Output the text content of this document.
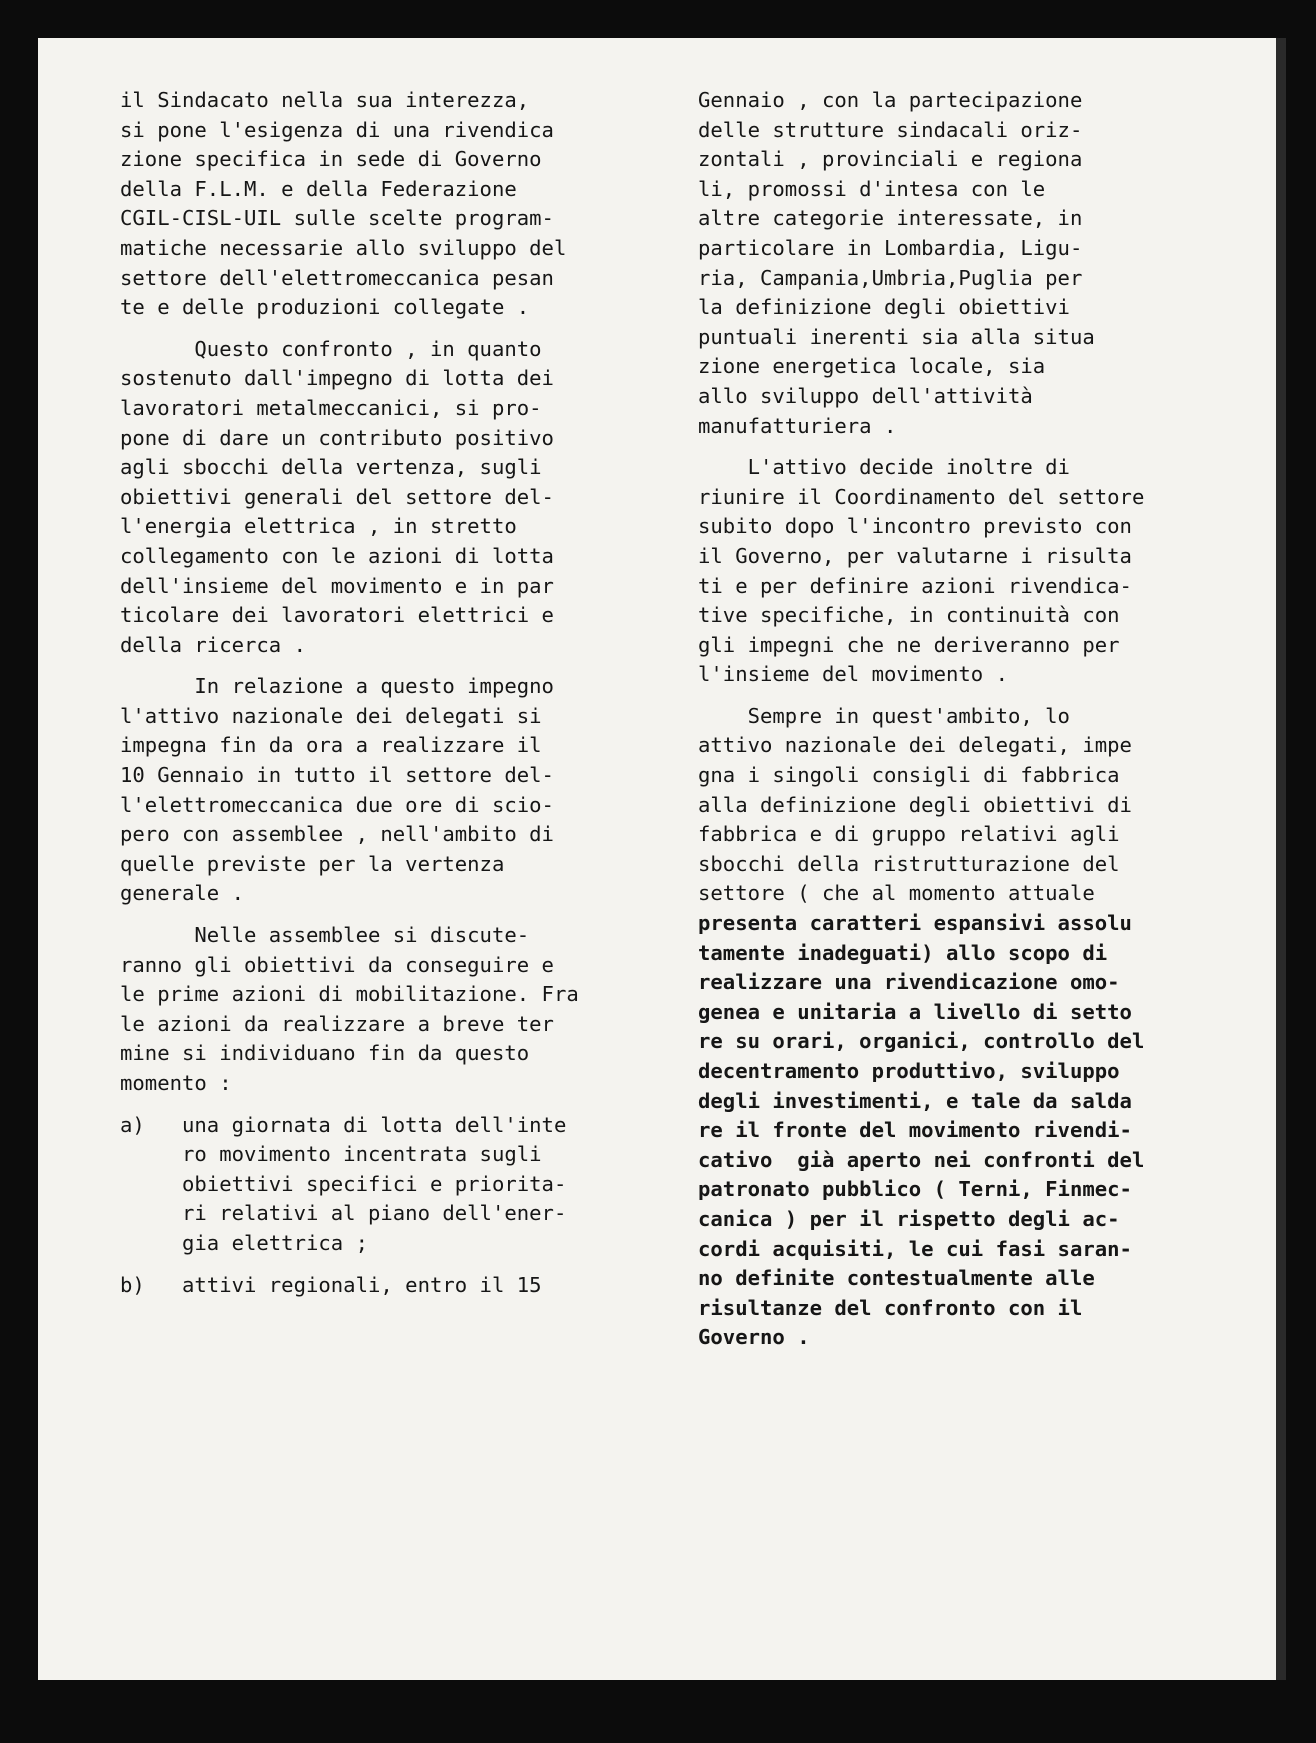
il Sindacato nella sua interezza,
si pone l'esigenza di una rivendica
zione specifica in sede di Governo
della F.L.M. e della Federazione
CGIL-CISL-UIL sulle scelte program-
matiche necessarie allo sviluppo del
settore dell'elettromeccanica pesan
te e delle produzioni collegate .
Questo confronto , in quanto
sostenuto dall'impegno di lotta dei
lavoratori metalmeccanici, si pro-
pone di dare un contributo positivo
agli sbocchi della vertenza, sugli
obiettivi generali del settore del-
l'energia elettrica , in stretto
collegamento con le azioni di lotta
dell'insieme del movimento e in par
ticolare dei lavoratori elettrici e
della ricerca .
In relazione a questo impegno
l'attivo nazionale dei delegati si
impegna fin da ora a realizzare il
10 Gennaio in tutto il settore del-
l'elettromeccanica due ore di scio-
pero con assemblee , nell'ambito di
quelle previste per la vertenza
generale .
Nelle assemblee si discute-
ranno gli obiettivi da conseguire e
le prime azioni di mobilitazione. Fra
le azioni da realizzare a breve ter
mine si individuano fin da questo
momento :
a)   una giornata di lotta dell'inte
ro movimento incentrata sugli
obiettivi specifici e priorita-
ri relativi al piano dell'ener-
gia elettrica ;
b)   attivi regionali, entro il 15
Gennaio , con la partecipazione
delle strutture sindacali oriz-
zontali , provinciali e regiona
li, promossi d'intesa con le
altre categorie interessate, in
particolare in Lombardia, Ligu-
ria, Campania,Umbria,Puglia per
la definizione degli obiettivi
puntuali inerenti sia alla situa
zione energetica locale, sia
allo sviluppo dell'attività
manufatturiera .
L'attivo decide inoltre di
riunire il Coordinamento del settore
subito dopo l'incontro previsto con
il Governo, per valutarne i risulta
ti e per definire azioni rivendica-
tive specifiche, in continuità con
gli impegni che ne deriveranno per
l'insieme del movimento .
Sempre in quest'ambito, lo
attivo nazionale dei delegati, impe
gna i singoli consigli di fabbrica
alla definizione degli obiettivi di
fabbrica e di gruppo relativi agli
sbocchi della ristrutturazione del
settore ( che al momento attuale
presenta caratteri espansivi assolu
tamente inadeguati) allo scopo di
realizzare una rivendicazione omo-
genea e unitaria a livello di setto
re su orari, organici, controllo del
decentramento produttivo, sviluppo
degli investimenti, e tale da salda
re il fronte del movimento rivendi-
cativo  già aperto nei confronti del
patronato pubblico ( Terni, Finmec-
canica ) per il rispetto degli ac-
cordi acquisiti, le cui fasi saran-
no definite contestualmente alle
risultanze del confronto con il
Governo .
